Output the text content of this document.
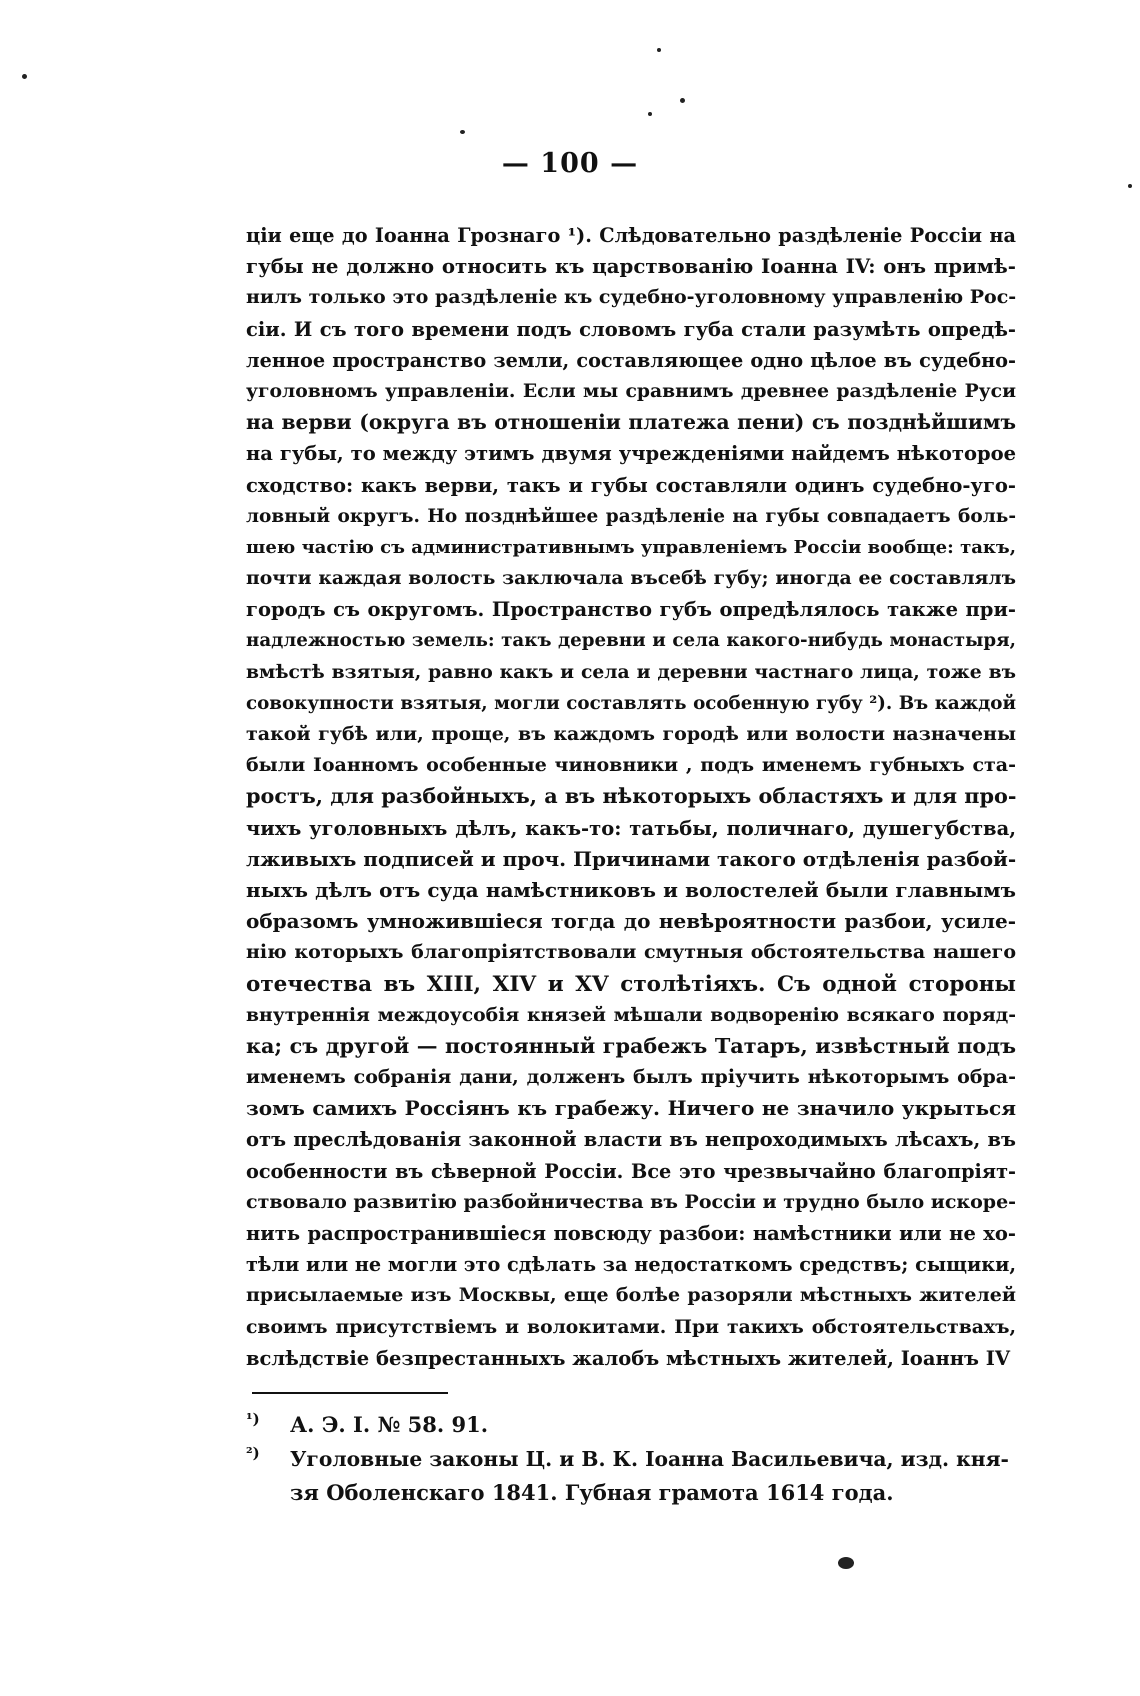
— 100 —
ціи еще до Іоанна Грознаго ¹). Слѣдовательно раздѣленіе Россіи на
губы не должно относить къ царствованію Іоанна IV: онъ примѣ-
нилъ только это раздѣленіе къ судебно-уголовному управленію Рос-
сіи. И съ того времени подъ словомъ губа стали разумѣть опредѣ-
ленное пространство земли, составляющее одно цѣлое въ судебно-
уголовномъ управленіи. Если мы сравнимъ древнее раздѣленіе Руси
на верви (округа въ отношеніи платежа пени) съ позднѣйшимъ
на губы, то между этимъ двумя учрежденіями найдемъ нѣкоторое
сходство: какъ верви, такъ и губы составляли одинъ судебно-уго-
ловный округъ. Но позднѣйшее раздѣленіе на губы совпадаетъ боль-
шею частію съ административнымъ управленіемъ Россіи вообще: такъ,
почти каждая волость заключала въсебѣ губу; иногда ее составлялъ
городъ съ округомъ. Пространство губъ опредѣлялось также при-
надлежностью земель: такъ деревни и села какого-нибудь монастыря,
вмѣстѣ взятыя, равно какъ и села и деревни частнаго лица, тоже въ
совокупности взятыя, могли составлять особенную губу ²). Въ каждой
такой губѣ или, проще, въ каждомъ городѣ или волости назначены
были Іоанномъ особенные чиновники , подъ именемъ губныхъ ста-
ростъ, для разбойныхъ, а въ нѣкоторыхъ областяхъ и для про-
чихъ уголовныхъ дѣлъ, какъ-то: татьбы, поличнаго, душегубства,
лживыхъ подписей и проч. Причинами такого отдѣленія разбой-
ныхъ дѣлъ отъ суда намѣстниковъ и волостелей были главнымъ
образомъ умножившіеся тогда до невѣроятности разбои, усиле-
нію которыхъ благопріятствовали смутныя обстоятельства нашего
отечества въ XIII, XIV и XV столѣтіяхъ. Съ одной стороны
внутреннія междоусобія князей мѣшали водворенію всякаго поряд-
ка; съ другой — постоянный грабежъ Татаръ, извѣстный подъ
именемъ собранія дани, долженъ былъ пріучить нѣкоторымъ обра-
зомъ самихъ Россіянъ къ грабежу. Ничего не значило укрыться
отъ преслѣдованія законной власти въ непроходимыхъ лѣсахъ, въ
особенности въ сѣверной Россіи. Все это чрезвычайно благопріят-
ствовало развитію разбойничества въ Россіи и трудно было искоре-
нить распространившіеся повсюду разбои: намѣстники или не хо-
тѣли или не могли это сдѣлать за недостаткомъ средствъ; сыщики,
присылаемые изъ Москвы, еще болѣе разоряли мѣстныхъ жителей
своимъ присутствіемъ и волокитами. При такихъ обстоятельствахъ,
вслѣдствіе безпрестанныхъ жалобъ мѣстныхъ жителей, Іоаннъ IV
¹) А. Э. І. № 58. 91.
²) Уголовные законы Ц. и В. К. Іоанна Васильевича, изд. кня-
зя Оболенскаго 1841. Губная грамота 1614 года.
